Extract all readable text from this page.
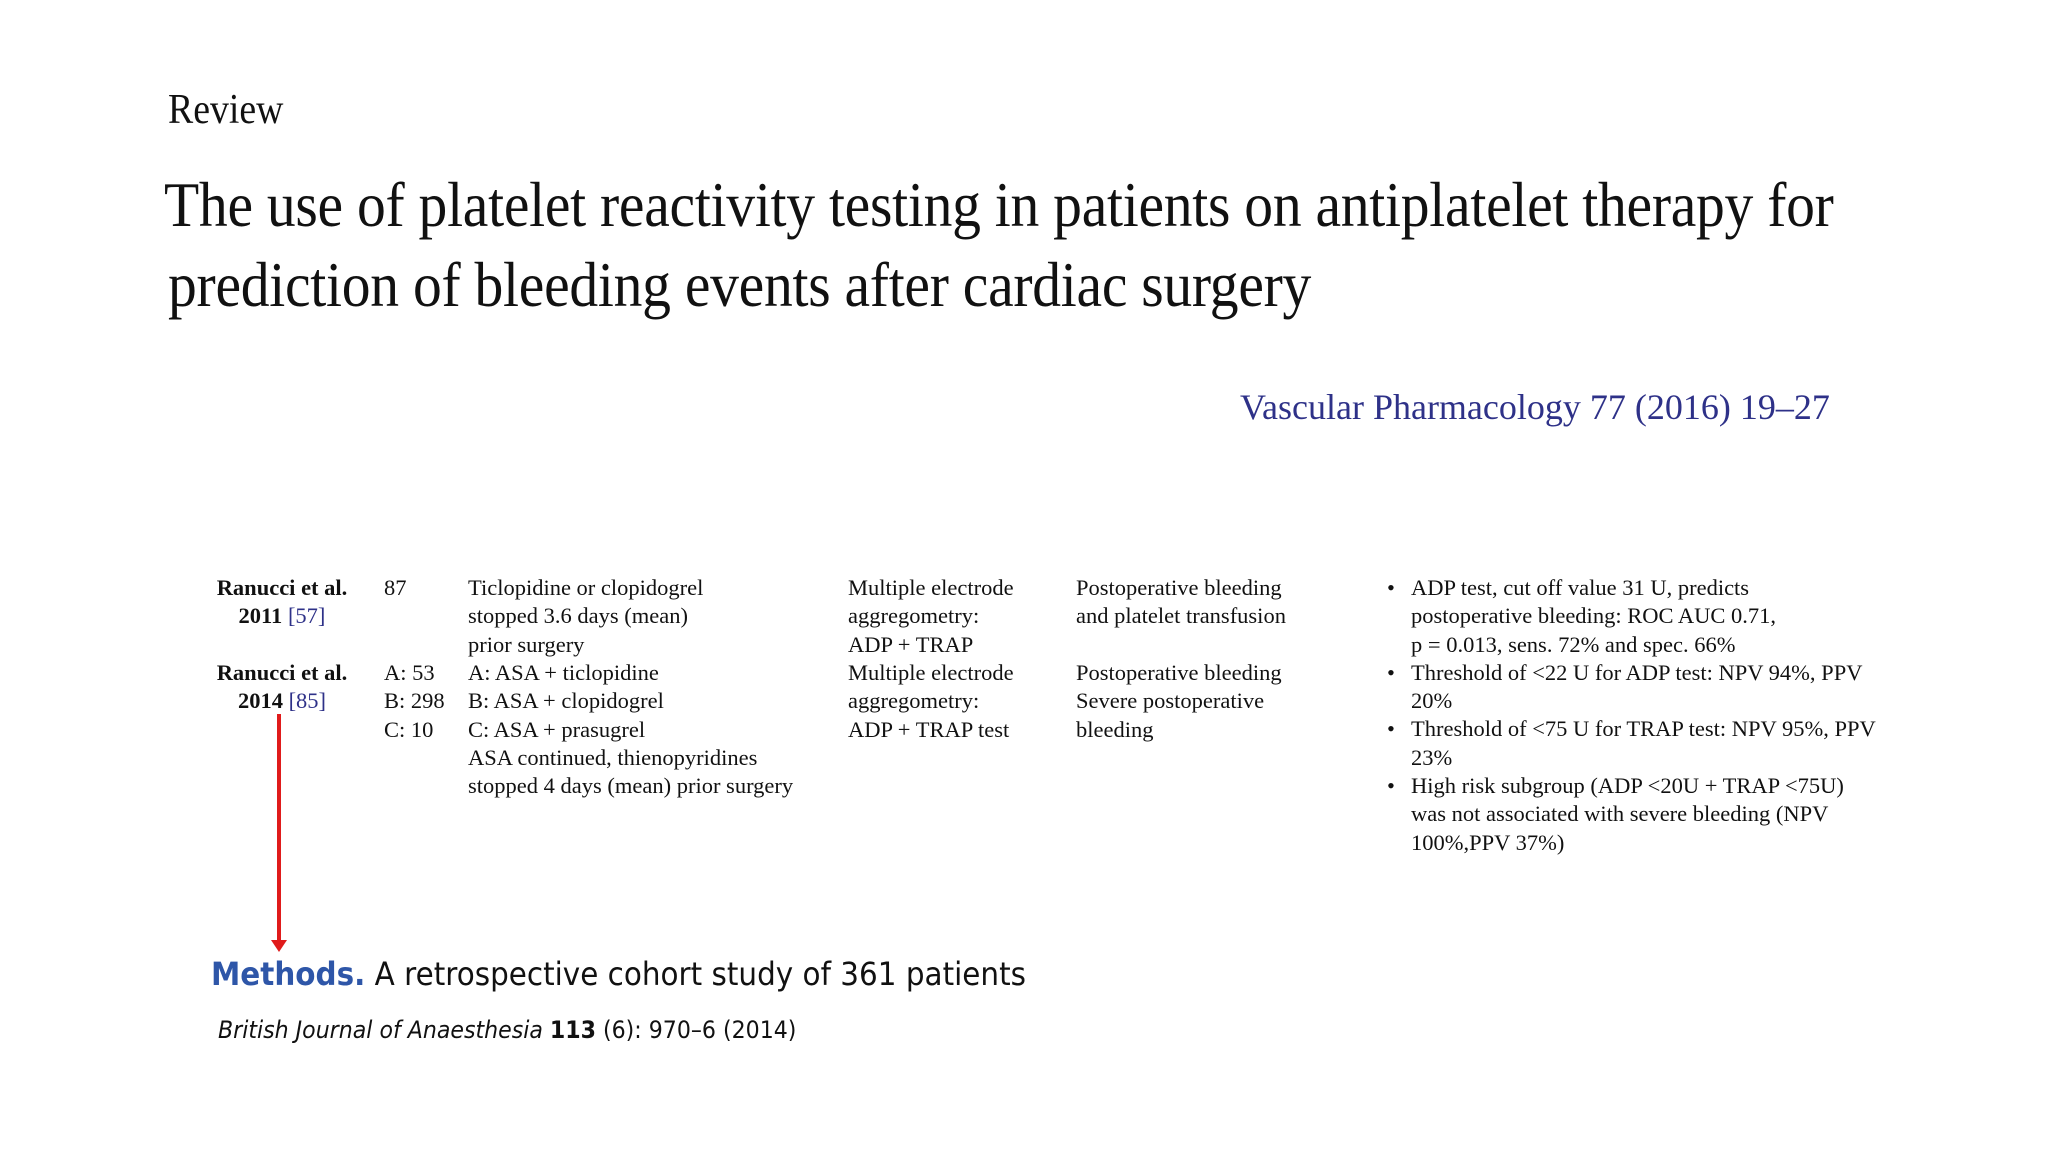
Review
The use of platelet reactivity testing in patients on antiplatelet therapy for
prediction of bleeding events after cardiac surgery
Vascular Pharmacology 77 (2016) 19–27
Ranucci et al.
2011 [57]
87	Ticlopidine or clopidogrel
stopped 3.6 days (mean)
prior surgery
Multiple electrode
aggregometry:
ADP + TRAP
Postoperative bleeding
and platelet transfusion
Ranucci et al.
2014 [85]
A: 53
B: 298
C: 10
A: ASA + ticlopidine
B: ASA + clopidogrel
C: ASA + prasugrel
ASA continued, thienopyridines
stopped 4 days (mean) prior surgery
Multiple electrode
aggregometry:
ADP + TRAP test
Postoperative bleeding
Severe postoperative
bleeding
• ADP test, cut off value 31 U, predicts
postoperative bleeding: ROC AUC 0.71,
p = 0.013, sens. 72% and spec. 66%
• Threshold of <22 U for ADP test: NPV 94%, PPV
20%
• Threshold of <75 U for TRAP test: NPV 95%, PPV
23%
• High risk subgroup (ADP <20U + TRAP <75U)
was not associated with severe bleeding (NPV
100%,PPV 37%)
Methods. A retrospective cohort study of 361 patients
British Journal of Anaesthesia 113 (6): 970–6 (2014)
